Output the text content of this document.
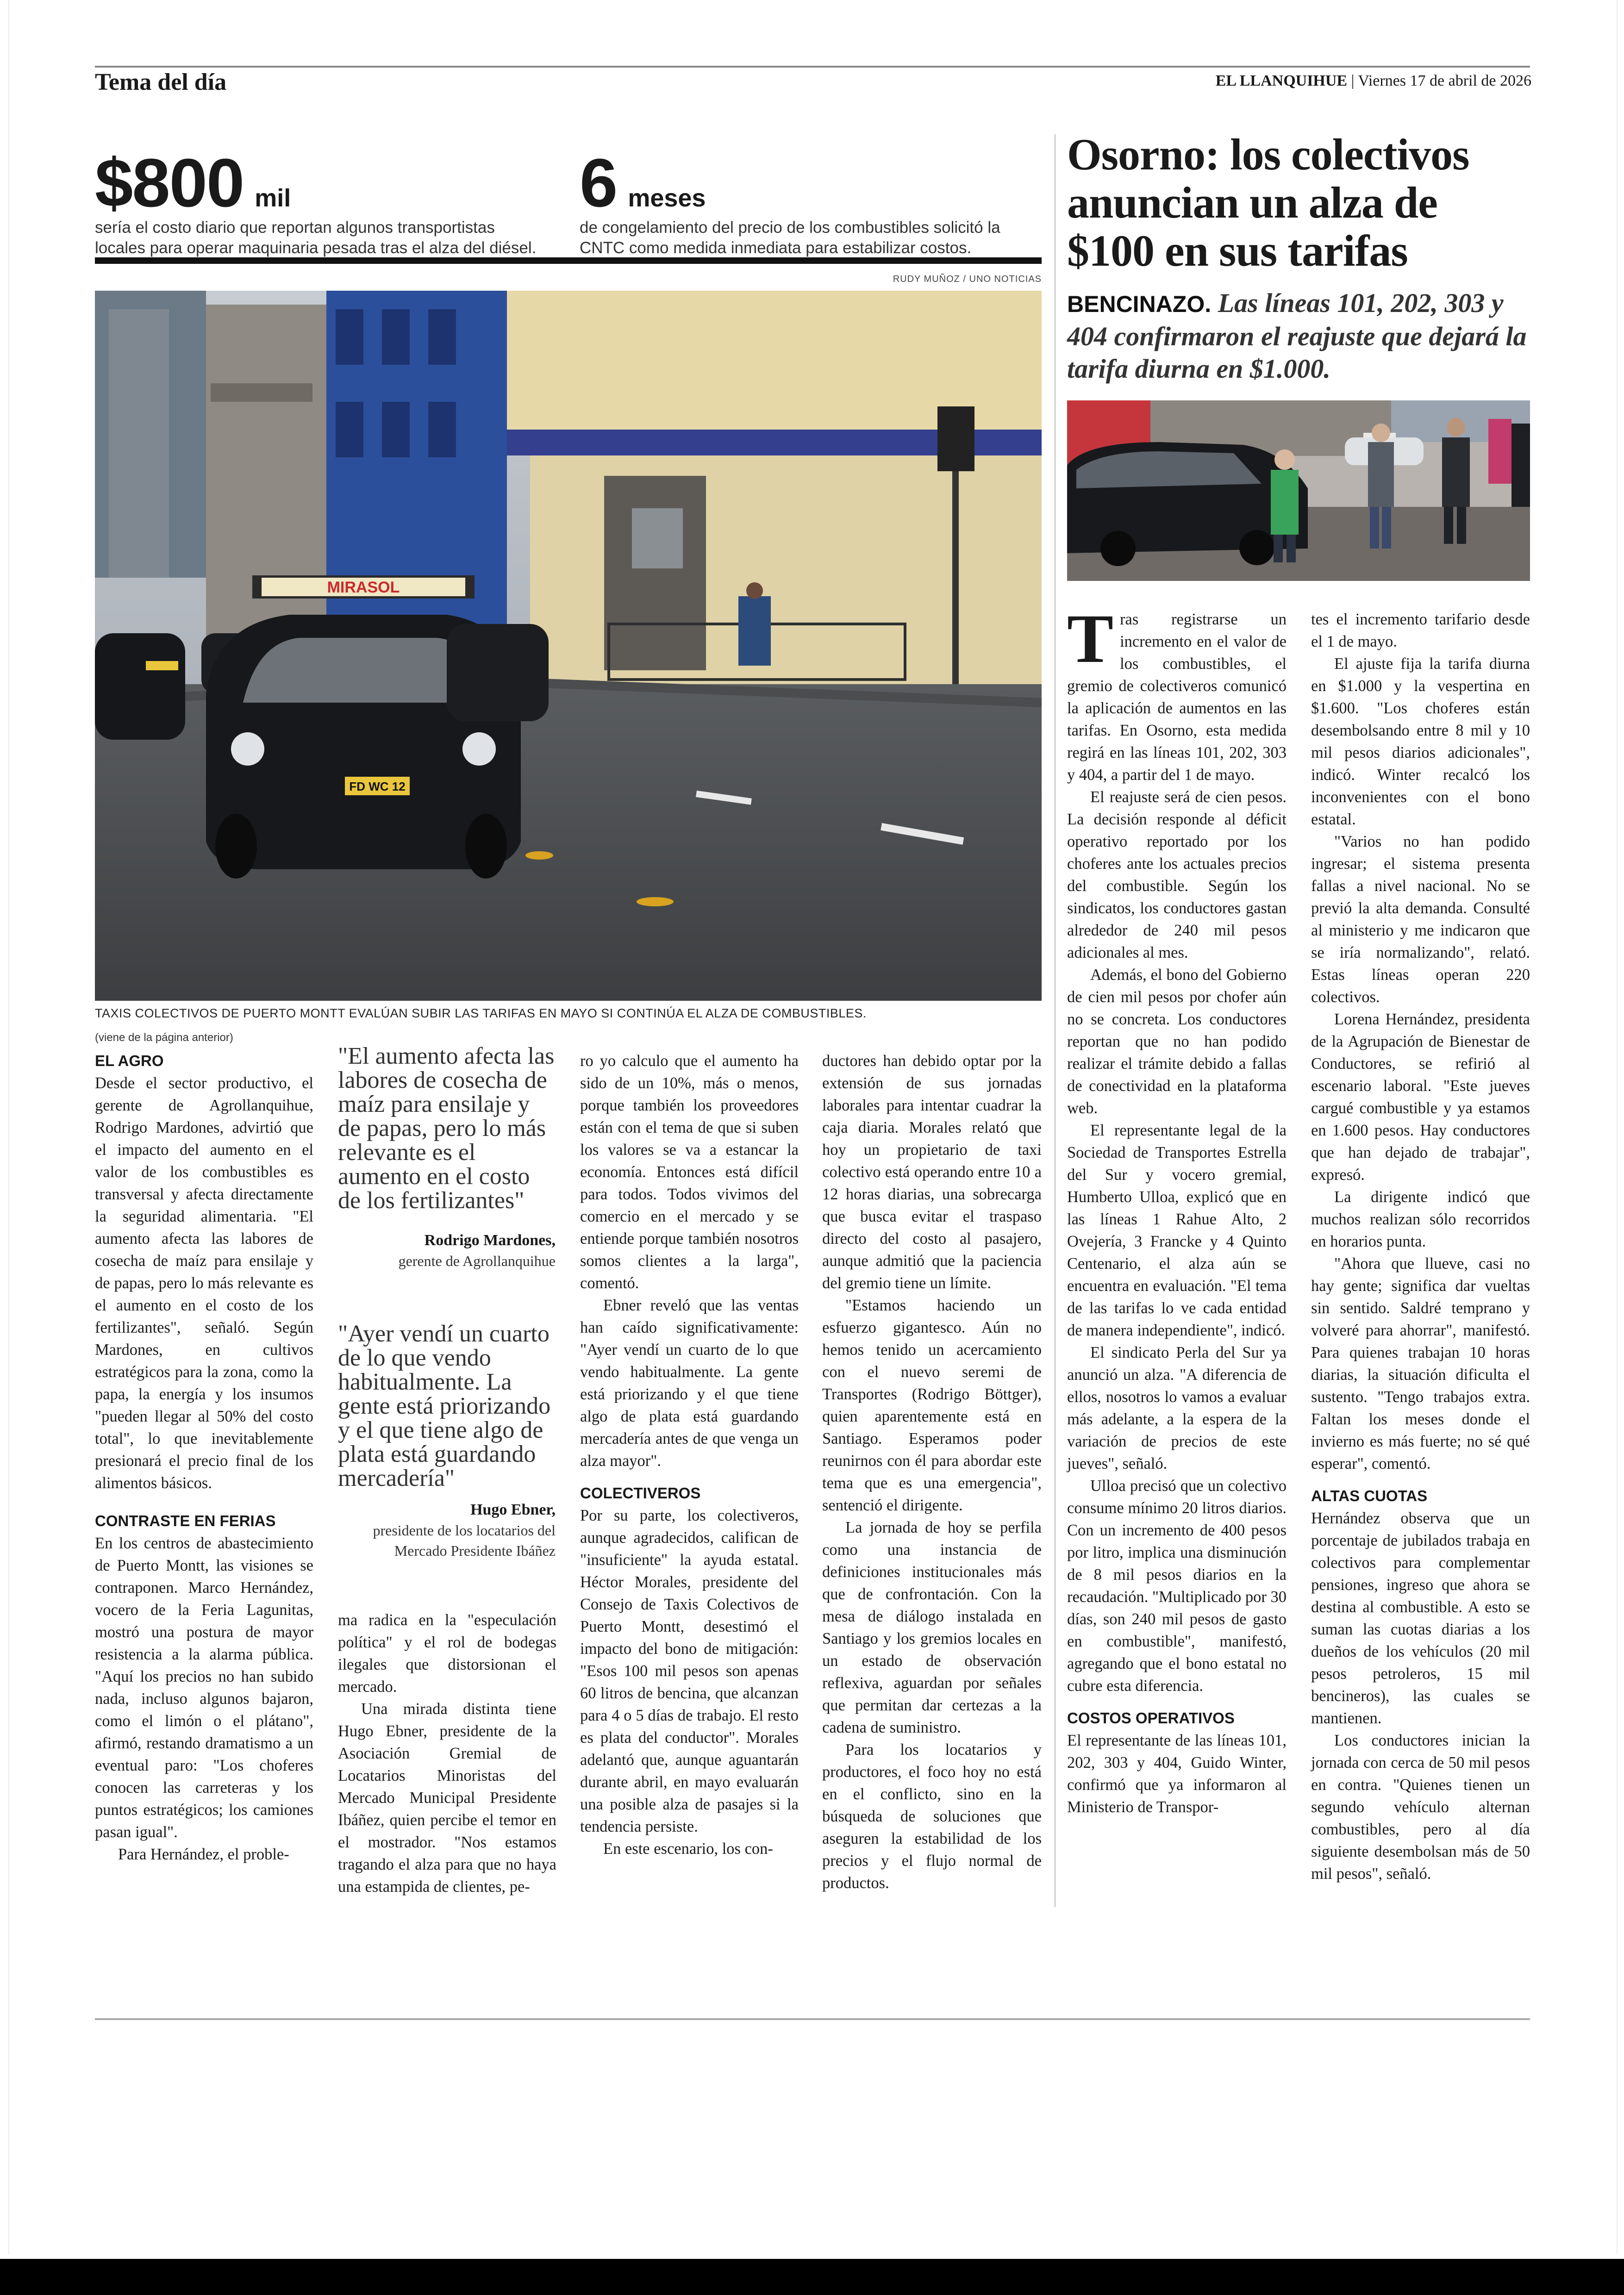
Tema del día	EL LLANQUIHUE | Viernes 17 de abril de 2026
$800 mil
sería el costo diario que reportan algunos transportistas locales para operar maquinaria pesada tras el alza del diésel.
6 meses
de congelamiento del precio de los combustibles solicitó la CNTC como medida inmediata para estabilizar costos.
RUDY MUÑOZ / UNO NOTICIAS
MIRASOL
FD WC 12
TAXIS COLECTIVOS DE PUERTO MONTT EVALÚAN SUBIR LAS TARIFAS EN MAYO SI CONTINÚA EL ALZA DE COMBUSTIBLES.
(viene de la página anterior)
EL AGRO

Desde el sector productivo, el gerente de Agrollanquihue, Rodrigo Mardones, advirtió que el impacto del aumento en el valor de los combustibles es transversal y afecta directamente la seguridad alimentaria. "El aumento afecta las labores de cosecha de maíz para ensilaje y de papas, pero lo más relevante es el aumento en el costo de los fertilizantes", señaló. Según Mardones, en cultivos estratégicos para la zona, como la papa, la energía y los insumos "pueden llegar al 50% del costo total", lo que inevitablemente presionará el precio final de los alimentos básicos.

CONTRASTE EN FERIAS

En los centros de abastecimiento de Puerto Montt, las visiones se contraponen. Marco Hernández, vocero de la Feria Lagunitas, mostró una postura de mayor resistencia a la alarma pública. "Aquí los precios no han subido nada, incluso algunos bajaron, como el limón o el plátano", afirmó, restando dramatismo a un eventual paro: "Los choferes conocen las carreteras y los puntos estratégicos; los camiones pasan igual".

Para Hernández, el proble-

"El aumento afecta las labores de cosecha de maíz para ensilaje y de papas, pero lo más relevante es el aumento en el costo de los fertilizantes"
Rodrigo Mardones,
gerente de Agrollanquihue
"Ayer vendí un cuarto de lo que vendo habitualmente. La gente está priorizando y el que tiene algo de plata está guardando mercadería"
Hugo Ebner,
presidente de los locatarios del Mercado Presidente Ibáñez

ma radica en la "especulación política" y el rol de bodegas ilegales que distorsionan el mercado.

Una mirada distinta tiene Hugo Ebner, presidente de la Asociación Gremial de Locatarios Minoristas del Mercado Municipal Presidente Ibáñez, quien percibe el temor en el mostrador. "Nos estamos tragando el alza para que no haya una estampida de clientes, pe-

ro yo calculo que el aumento ha sido de un 10%, más o menos, porque también los proveedores están con el tema de que si suben los valores se va a estancar la economía. Entonces está difícil para todos. Todos vivimos del comercio en el mercado y se entiende porque también nosotros somos clientes a la larga", comentó.

Ebner reveló que las ventas han caído significativamente: "Ayer vendí un cuarto de lo que vendo habitualmente. La gente está priorizando y el que tiene algo de plata está guardando mercadería antes de que venga un alza mayor".

COLECTIVEROS

Por su parte, los colectiveros, aunque agradecidos, califican de "insuficiente" la ayuda estatal. Héctor Morales, presidente del Consejo de Taxis Colectivos de Puerto Montt, desestimó el impacto del bono de mitigación: "Esos 100 mil pesos son apenas 60 litros de bencina, que alcanzan para 4 o 5 días de trabajo. El resto es plata del conductor". Morales adelantó que, aunque aguantarán durante abril, en mayo evaluarán una posible alza de pasajes si la tendencia persiste.

En este escenario, los con-

ductores han debido optar por la extensión de sus jornadas laborales para intentar cuadrar la caja diaria. Morales relató que hoy un propietario de taxi colectivo está operando entre 10 a 12 horas diarias, una sobrecarga que busca evitar el traspaso directo del costo al pasajero, aunque admitió que la paciencia del gremio tiene un límite.

"Estamos haciendo un esfuerzo gigantesco. Aún no hemos tenido un acercamiento con el nuevo seremi de Transportes (Rodrigo Böttger), quien aparentemente está en Santiago. Esperamos poder reunirnos con él para abordar este tema que es una emergencia", sentenció el dirigente.

La jornada de hoy se perfila como una instancia de definiciones institucionales más que de confrontación. Con la mesa de diálogo instalada en Santiago y los gremios locales en un estado de observación reflexiva, aguardan por señales que permitan dar certezas a la cadena de suministro.

Para los locatarios y productores, el foco hoy no está en el conflicto, sino en la búsqueda de soluciones que aseguren la estabilidad de los precios y el flujo normal de productos.

Osorno: los colectivos anuncian un alza de $100 en sus tarifas
BENCINAZO. Las líneas 101, 202, 303 y 404 confirmaron el reajuste que dejará la tarifa diurna en $1.000.

Tras registrarse un incremento en el valor de los combustibles, el gremio de colectiveros comunicó la aplicación de aumentos en las tarifas. En Osorno, esta medida regirá en las líneas 101, 202, 303 y 404, a partir del 1 de mayo.

El reajuste será de cien pesos. La decisión responde al déficit operativo reportado por los choferes ante los actuales precios del combustible. Según los sindicatos, los conductores gastan alrededor de 240 mil pesos adicionales al mes.

Además, el bono del Gobierno de cien mil pesos por chofer aún no se concreta. Los conductores reportan que no han podido realizar el trámite debido a fallas de conectividad en la plataforma web.

El representante legal de la Sociedad de Transportes Estrella del Sur y vocero gremial, Humberto Ulloa, explicó que en las líneas 1 Rahue Alto, 2 Ovejería, 3 Francke y 4 Quinto Centenario, el alza aún se encuentra en evaluación. "El tema de las tarifas lo ve cada entidad de manera independiente", indicó.

El sindicato Perla del Sur ya anunció un alza. "A diferencia de ellos, nosotros lo vamos a evaluar más adelante, a la espera de la variación de precios de este jueves", señaló.

Ulloa precisó que un colectivo consume mínimo 20 litros diarios. Con un incremento de 400 pesos por litro, implica una disminución de 8 mil pesos diarios en la recaudación. "Multiplicado por 30 días, son 240 mil pesos de gasto en combustible", manifestó, agregando que el bono estatal no cubre esta diferencia.

COSTOS OPERATIVOS

El representante de las líneas 101, 202, 303 y 404, Guido Winter, confirmó que ya informaron al Ministerio de Transpor-

tes el incremento tarifario desde el 1 de mayo.

El ajuste fija la tarifa diurna en $1.000 y la vespertina en $1.600. "Los choferes están desembolsando entre 8 mil y 10 mil pesos diarios adicionales", indicó. Winter recalcó los inconvenientes con el bono estatal.

"Varios no han podido ingresar; el sistema presenta fallas a nivel nacional. No se previó la alta demanda. Consulté al ministerio y me indicaron que se iría normalizando", relató. Estas líneas operan 220 colectivos.

Lorena Hernández, presidenta de la Agrupación de Bienestar de Conductores, se refirió al escenario laboral. "Este jueves cargué combustible y ya estamos en 1.600 pesos. Hay conductores que han dejado de trabajar", expresó.

La dirigente indicó que muchos realizan sólo recorridos en horarios punta.

"Ahora que llueve, casi no hay gente; significa dar vueltas sin sentido. Saldré temprano y volveré para ahorrar", manifestó. Para quienes trabajan 10 horas diarias, la situación dificulta el sustento. "Tengo trabajos extra. Faltan los meses donde el invierno es más fuerte; no sé qué esperar", comentó.

ALTAS CUOTAS

Hernández observa que un porcentaje de jubilados trabaja en colectivos para complementar pensiones, ingreso que ahora se destina al combustible. A esto se suman las cuotas diarias a los dueños de los vehículos (20 mil pesos petroleros, 15 mil bencineros), las cuales se mantienen.

Los conductores inician la jornada con cerca de 50 mil pesos en contra. "Quienes tienen un segundo vehículo alternan combustibles, pero al día siguiente desembolsan más de 50 mil pesos", señaló.
